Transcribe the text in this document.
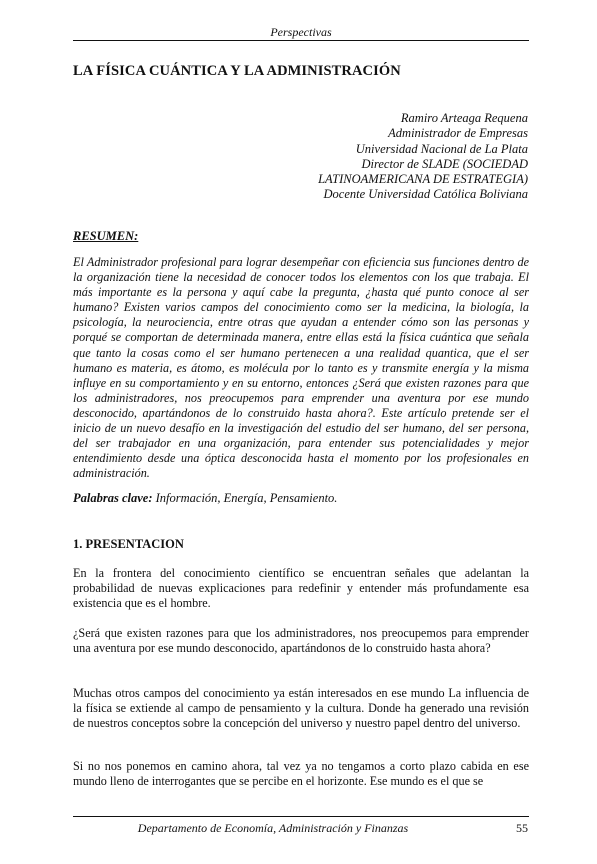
Perspectivas
LA FÍSICA CUÁNTICA Y LA ADMINISTRACIÓN
Ramiro Arteaga Requena
Administrador de Empresas
Universidad Nacional de La Plata
Director de SLADE (SOCIEDAD
LATINOAMERICANA DE ESTRATEGIA)
Docente Universidad Católica Boliviana
RESUMEN:

El Administrador profesional para lograr desempeñar con eficiencia sus funciones dentro de la organización tiene la necesidad de conocer todos los elementos con los que trabaja. El más importante es la persona y aquí cabe la pregunta, ¿hasta qué punto conoce al ser humano? Existen varios campos del conocimiento como ser la medicina, la biología, la psicología, la neurociencia, entre otras que ayudan a entender cómo son las personas y porqué se comportan de determinada manera, entre ellas está la física cuántica que señala que tanto la cosas como el ser humano pertenecen a una realidad quantica, que el ser humano es materia, es átomo, es molécula por lo tanto es y transmite energía y la misma influye en su comportamiento y en su entorno, entonces ¿Será que existen razones para que los administradores, nos preocupemos para emprender una aventura por ese mundo desconocido, apartándonos de lo construido hasta ahora?. Este artículo pretende ser el inicio de un nuevo desafío en la investigación del estudio del ser humano, del ser persona, del ser trabajador en una organización, para entender sus potencialidades y mejor entendimiento desde una óptica desconocida hasta el momento por los profesionales en administración.

Palabras clave: Información, Energía, Pensamiento.
1. PRESENTACION

En la frontera del conocimiento científico se encuentran señales que adelantan la probabilidad de nuevas explicaciones para redefinir y entender más profundamente esa existencia que es el hombre.

¿Será que existen razones para que los administradores, nos preocupemos para emprender una aventura por ese mundo desconocido, apartándonos de lo construido hasta ahora?

Muchas otros campos del conocimiento ya están interesados en ese mundo La influencia de la física se extiende al campo de pensamiento y la cultura. Donde ha generado una revisión de nuestros conceptos sobre la concepción del universo y nuestro papel dentro del universo.

Si no nos ponemos en camino ahora, tal vez ya no tengamos a corto plazo cabida en ese mundo lleno de interrogantes que se percibe en el horizonte. Ese mundo es el que se

Departamento de Economía, Administración y Finanzas	55
